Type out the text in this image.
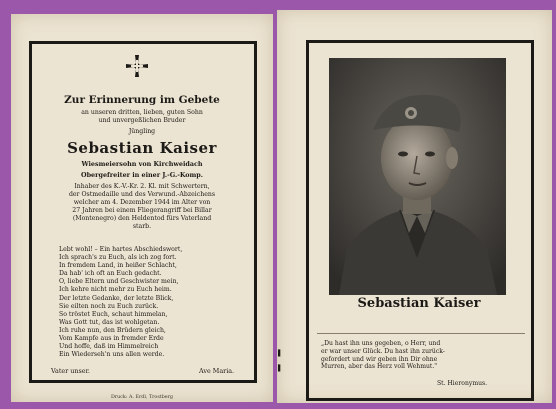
Zur Erinnerung im Gebete
an unseren dritten, lieben, guten Sohn
und unvergeßlichen Bruder
Jüngling
Sebastian Kaiser
Wiesmeiersohn von Kirchweidach
Obergefreiter in einer J.-G.-Komp.
Inhaber des K.-V.-Kr. 2. Kl. mit Schwertern,
der Ostmedaille und des Verwund.-Abzeichens
welcher am 4. Dezember 1944 im Alter von
27 Jahren bei einem Fliegerangriff bei Billar
(Montenegro) den Heldentod fürs Vaterland
starb.
Lebt wohl! – Ein hartes Abschiedswort,
Ich sprach's zu Euch, als ich zog fort.
In fremdem Land, in heißer Schlacht,
Da hab' ich oft an Euch gedacht.
O, liebe Eltern und Geschwister mein,
Ich kehre nicht mehr zu Euch heim.
Der letzte Gedanke, der letzte Blick,
Sie eilten noch zu Euch zurück.
So tröstet Euch, schaut himmelan,
Was Gott tut, das ist wohlgetan.
Ich ruhe nun, den Brüdern gleich,
Vom Kampfe aus in fremder Erde
Und hoffe, daß im Himmelreich
Ein Wiederseh'n uns allen werde.
Vater unser.	Ave Maria.
Druck: A. Erdl, Trostberg
▌
▌
Sebastian Kaiser
„Du hast ihn uns gegeben, o Herr, und
er war unser Glück. Du hast ihn zurück-
gefordert und wir geben ihn Dir ohne
Murren, aber das Herz voll Wehmut."
St. Hieronymus.
